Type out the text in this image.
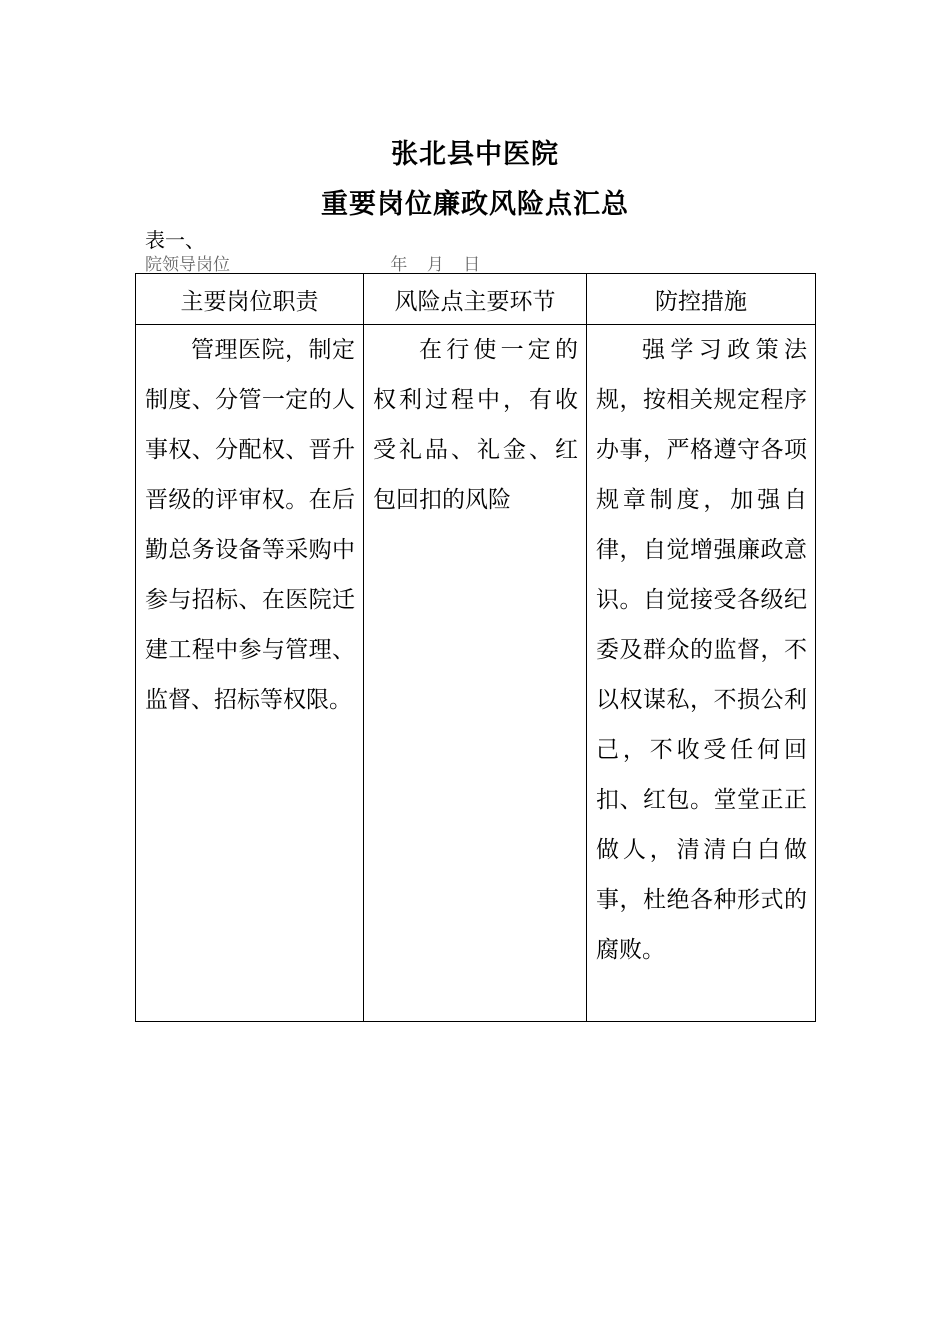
张北县中医院
重要岗位廉政风险点汇总
表一、
院领导岗位	年 月 日
主要岗位职责	风险点主要环节	防控措施
管理医院，制定制度、分管一定的人事权、分配权、晋升晋级的评审权。在后勤总务设备等采购中参与招标、在医院迁建工程中参与管理、监督、招标等权限。	在行使一定的权利过程中，有收受礼品、礼金、红包回扣的风险	强学习政策法规，按相关规定程序办事，严格遵守各项规章制度，加强自律，自觉增强廉政意识。自觉接受各级纪委及群众的监督，不以权谋私，不损公利己，不收受任何回扣、红包。堂堂正正做人，清清白白做事，杜绝各种形式的腐败。
